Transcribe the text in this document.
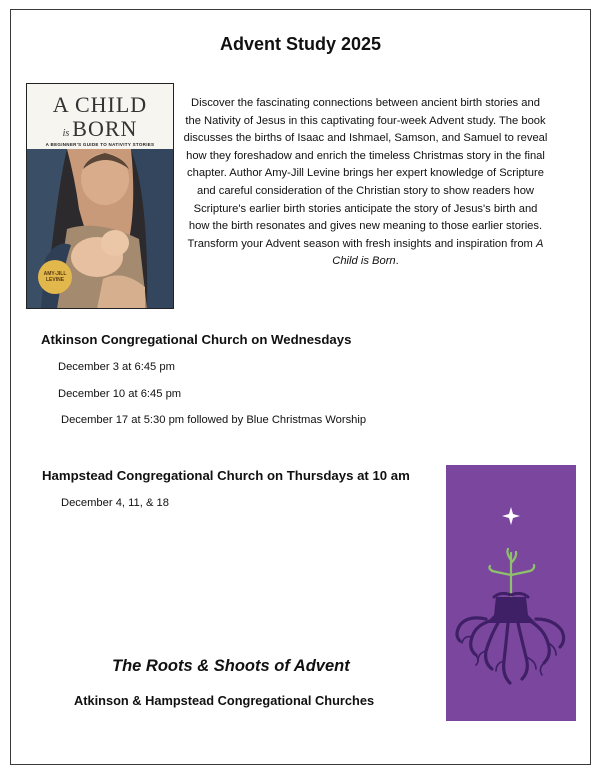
Advent Study 2025
A CHILD
is BORN
A BEGINNER'S GUIDE TO NATIVITY STORIES
AMY-JILL
LEVINE
Discover the fascinating connections between ancient birth stories and the Nativity of Jesus in this captivating four-week Advent study. The book discusses the births of Isaac and Ishmael, Samson, and Samuel to reveal how they foreshadow and enrich the timeless Christmas story in the final chapter. Author Amy-Jill Levine brings her expert knowledge of Scripture and careful consideration of the Christian story to show readers how Scripture's earlier birth stories anticipate the story of Jesus's birth and how the birth resonates and gives new meaning to those earlier stories. Transform your Advent season with fresh insights and inspiration from A Child is Born.
Atkinson Congregational Church on Wednesdays
December 3 at 6:45 pm
December 10 at 6:45 pm
December 17 at 5:30 pm followed by Blue Christmas Worship
Hampstead Congregational Church on Thursdays at 10 am
December 4, 11, & 18
The Roots & Shoots of Advent
Atkinson & Hampstead Congregational Churches
